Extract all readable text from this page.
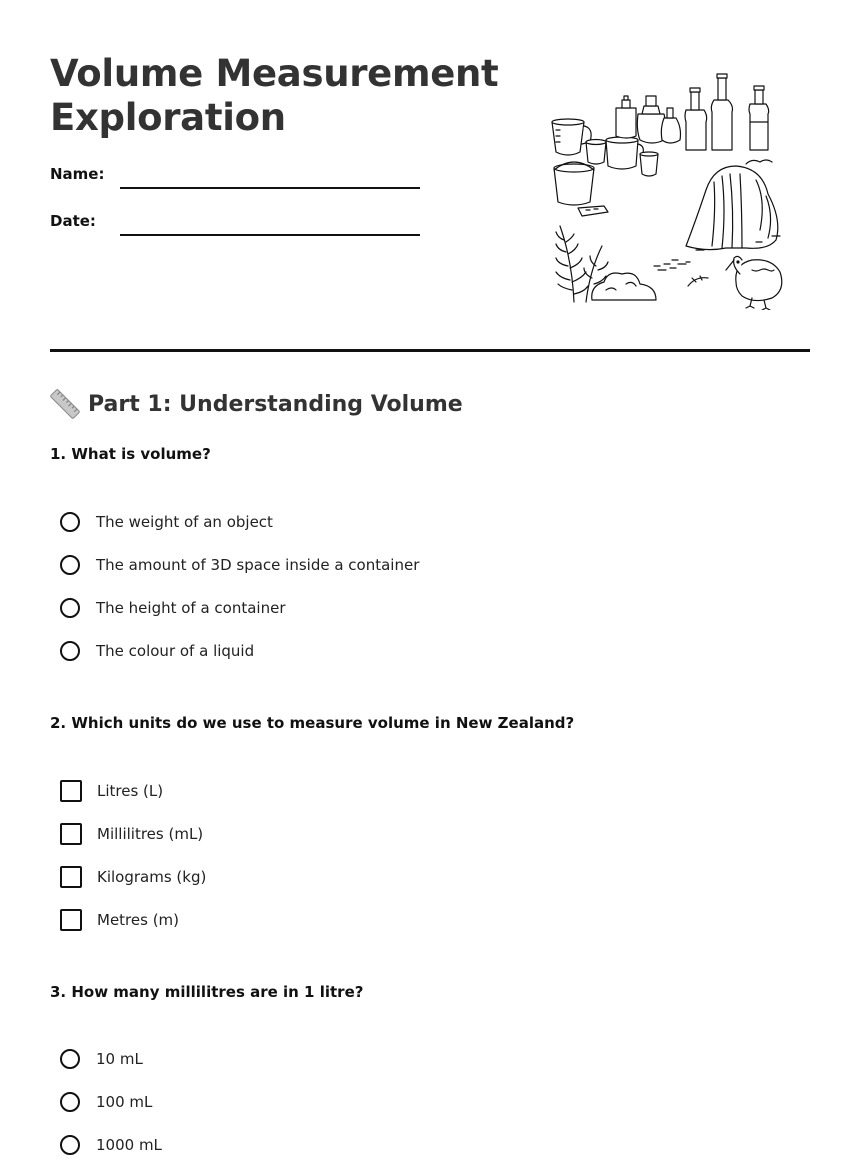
Volume Measurement
Exploration
Name:
Date:
Part 1: Understanding Volume
1. What is volume?
The weight of an object
The amount of 3D space inside a container
The height of a container
The colour of a liquid
2. Which units do we use to measure volume in New Zealand?
Litres (L)
Millilitres (mL)
Kilograms (kg)
Metres (m)
3. How many millilitres are in 1 litre?
10 mL
100 mL
1000 mL
